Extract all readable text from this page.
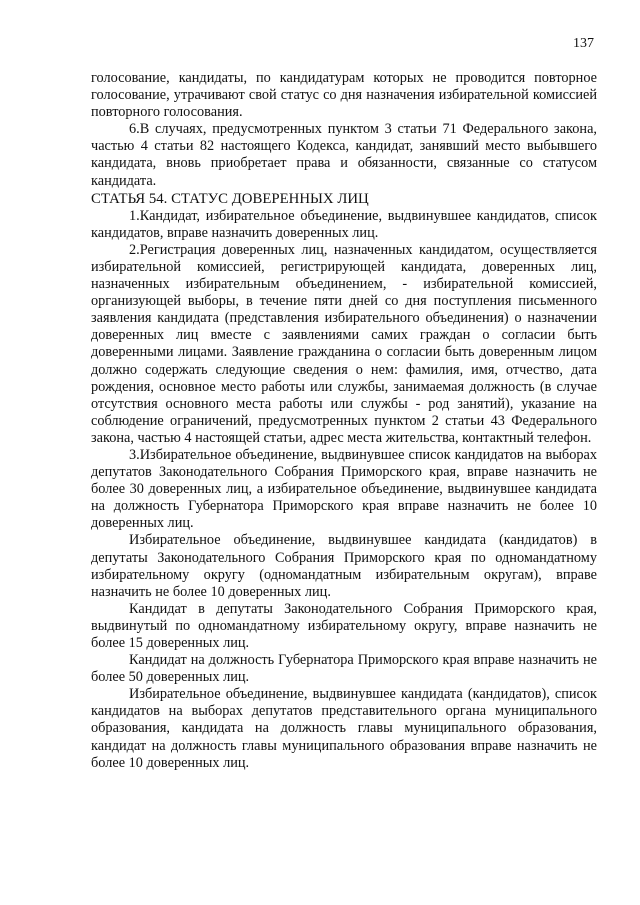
137

голосование, кандидаты, по кандидатурам которых не проводится повторное голосование, утрачивают свой статус со дня назначения избирательной комиссией повторного голосования.

6.В случаях, предусмотренных пунктом 3 статьи 71 Федерального закона, частью 4 статьи 82 настоящего Кодекса, кандидат, занявший место выбывшего кандидата, вновь приобретает права и обязанности, связанные со статусом кандидата.

СТАТЬЯ 54. СТАТУС ДОВЕРЕННЫХ ЛИЦ

1.Кандидат, избирательное объединение, выдвинувшее кандидатов, список кандидатов, вправе назначить доверенных лиц.

2.Регистрация доверенных лиц, назначенных кандидатом, осуществляется избирательной комиссией, регистрирующей кандидата, доверенных лиц, назначенных избирательным объединением, - избирательной комиссией, организующей выборы, в течение пяти дней со дня поступления письменного заявления кандидата (представления избирательного объединения) о назначении доверенных лиц вместе с заявлениями самих граждан о согласии быть доверенными лицами. Заявление гражданина о согласии быть доверенным лицом должно содержать следующие сведения о нем: фамилия, имя, отчество, дата рождения, основное место работы или службы, занимаемая должность (в случае отсутствия основного места работы или службы - род занятий), указание на соблюдение ограничений, предусмотренных пунктом 2 статьи 43 Федерального закона, частью 4 настоящей статьи, адрес места жительства, контактный телефон.

3.Избирательное объединение, выдвинувшее список кандидатов на выборах депутатов Законодательного Собрания Приморского края, вправе назначить не более 30 доверенных лиц, а избирательное объединение, выдвинувшее кандидата на должность Губернатора Приморского края вправе назначить не более 10 доверенных лиц.

Избирательное объединение, выдвинувшее кандидата (кандидатов) в депутаты Законодательного Собрания Приморского края по одномандатному избирательному округу (одномандатным избирательным округам), вправе назначить не более 10 доверенных лиц.

Кандидат в депутаты Законодательного Собрания Приморского края, выдвинутый по одномандатному избирательному округу, вправе назначить не более 15 доверенных лиц.

Кандидат на должность Губернатора Приморского края вправе назначить не более 50 доверенных лиц.

Избирательное объединение, выдвинувшее кандидата (кандидатов), список кандидатов на выборах депутатов представительного органа муниципального образования, кандидата на должность главы муниципального образования, кандидат на должность главы муниципального образования вправе назначить не более 10 доверенных лиц.
